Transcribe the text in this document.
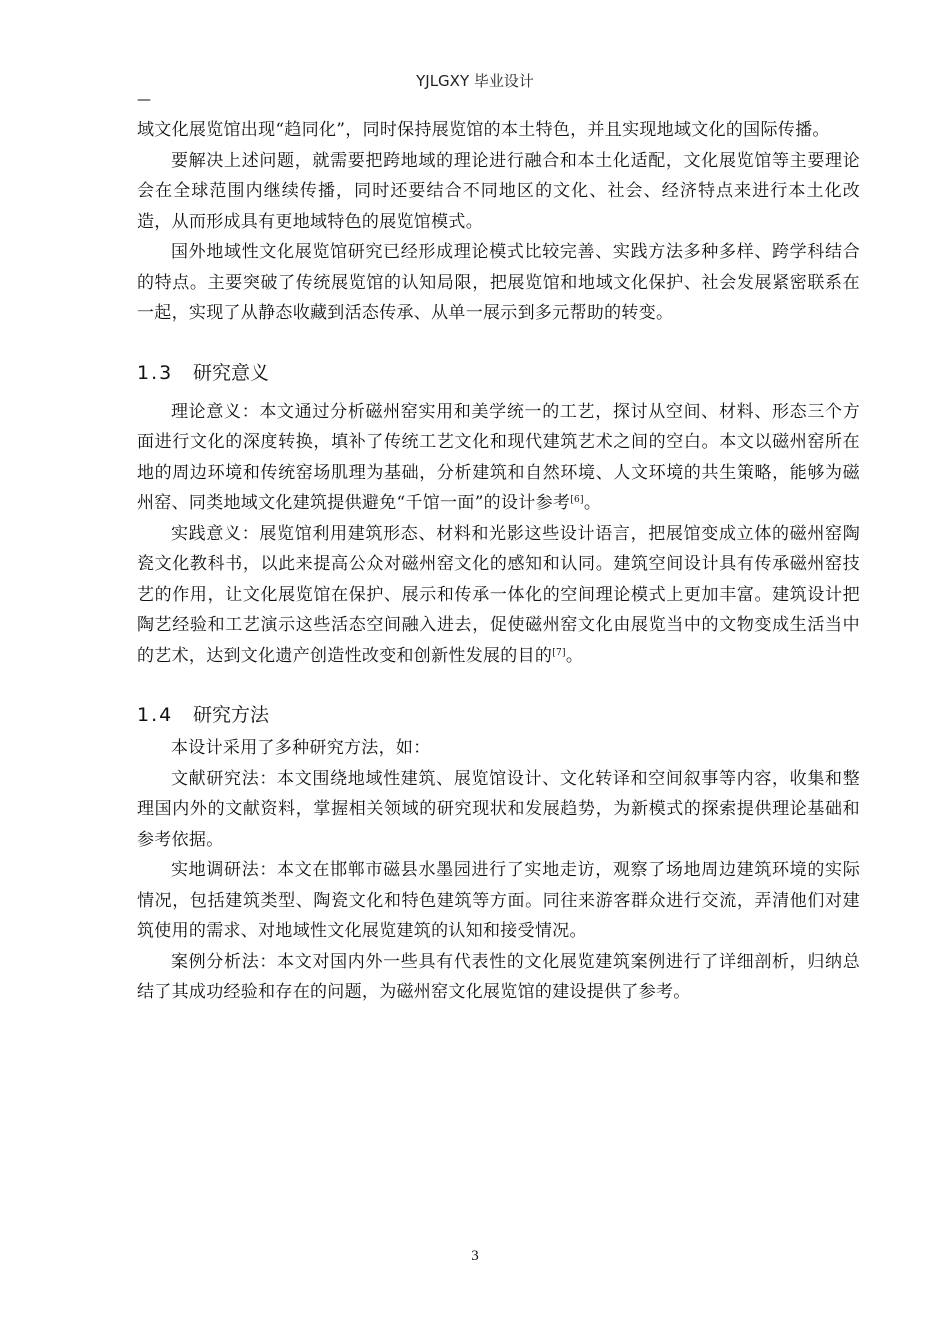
YJLGXY 毕业设计
—

域文化展览馆出现“趋同化”，同时保持展览馆的本土特色，并且实现地域文化的国际传播。

要解决上述问题，就需要把跨地域的理论进行融合和本土化适配，文化展览馆等主要理论会在全球范围内继续传播，同时还要结合不同地区的文化、社会、经济特点来进行本土化改造，从而形成具有更地域特色的展览馆模式。

国外地域性文化展览馆研究已经形成理论模式比较完善、实践方法多种多样、跨学科结合的特点。主要突破了传统展览馆的认知局限，把展览馆和地域文化保护、社会发展紧密联系在一起，实现了从静态收藏到活态传承、从单一展示到多元帮助的转变。

1.3 研究意义

理论意义：本文通过分析磁州窑实用和美学统一的工艺，探讨从空间、材料、形态三个方面进行文化的深度转换，填补了传统工艺文化和现代建筑艺术之间的空白。本文以磁州窑所在地的周边环境和传统窑场肌理为基础，分析建筑和自然环境、人文环境的共生策略，能够为磁州窑、同类地域文化建筑提供避免“千馆一面”的设计参考[6]。

实践意义：展览馆利用建筑形态、材料和光影这些设计语言，把展馆变成立体的磁州窑陶瓷文化教科书，以此来提高公众对磁州窑文化的感知和认同。建筑空间设计具有传承磁州窑技艺的作用，让文化展览馆在保护、展示和传承一体化的空间理论模式上更加丰富。建筑设计把陶艺经验和工艺演示这些活态空间融入进去，促使磁州窑文化由展览当中的文物变成生活当中的艺术，达到文化遗产创造性改变和创新性发展的目的[7]。

1.4 研究方法

本设计采用了多种研究方法，如：

文献研究法：本文围绕地域性建筑、展览馆设计、文化转译和空间叙事等内容，收集和整理国内外的文献资料，掌握相关领域的研究现状和发展趋势，为新模式的探索提供理论基础和参考依据。

实地调研法：本文在邯郸市磁县水墨园进行了实地走访，观察了场地周边建筑环境的实际情况，包括建筑类型、陶瓷文化和特色建筑等方面。同往来游客群众进行交流，弄清他们对建筑使用的需求、对地域性文化展览建筑的认知和接受情况。

案例分析法：本文对国内外一些具有代表性的文化展览建筑案例进行了详细剖析，归纳总结了其成功经验和存在的问题，为磁州窑文化展览馆的建设提供了参考。

3
